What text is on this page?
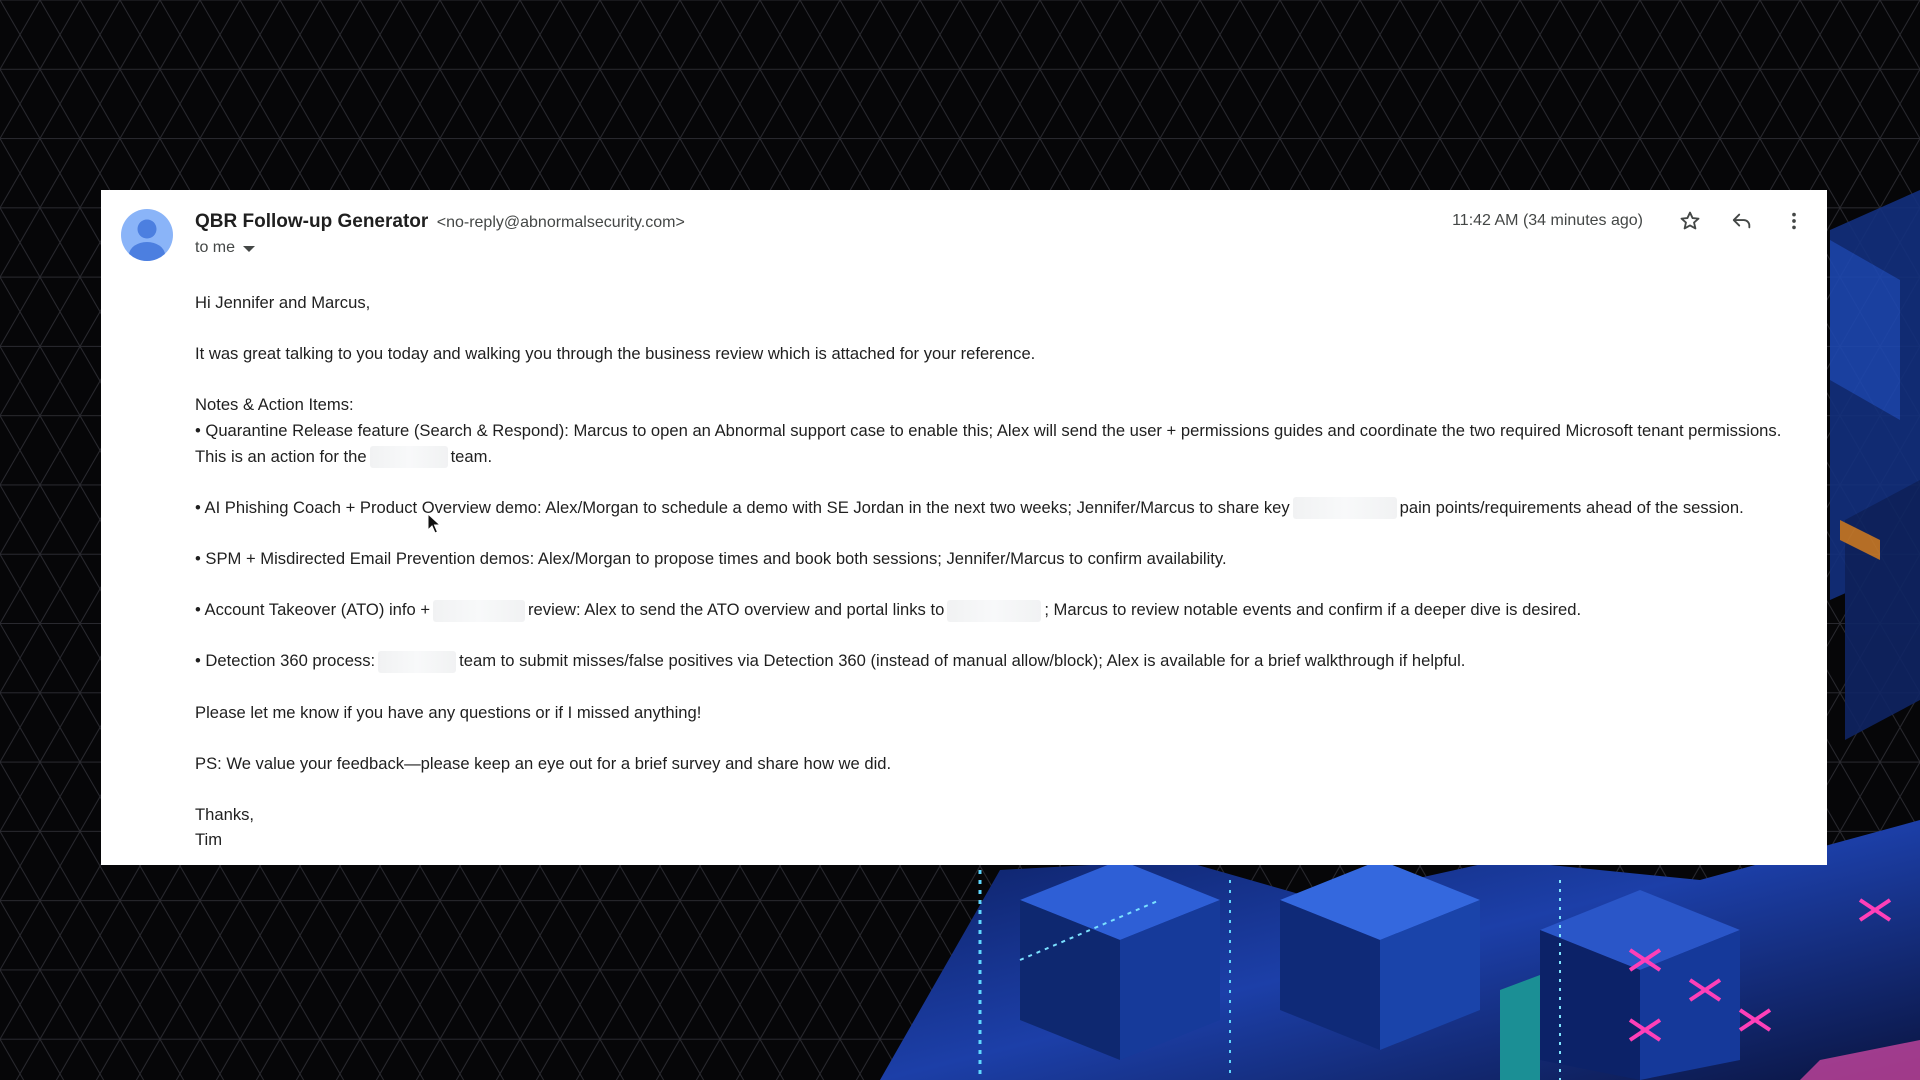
QBR Follow-up Generator <no-reply@abnormalsecurity.com>
to me
11:42 AM (34 minutes ago)

Hi Jennifer and Marcus,

It was great talking to you today and walking you through the business review which is attached for your reference.

Notes & Action Items:

• Quarantine Release feature (Search & Respond): Marcus to open an Abnormal support case to enable this; Alex will send the user + permissions guides and coordinate the two required Microsoft tenant permissions. This is an action for the	team.

• AI Phishing Coach + Product Overview demo: Alex/Morgan to schedule a demo with SE Jordan in the next two weeks; Jennifer/Marcus to share key	pain points/requirements ahead of the session.

• SPM + Misdirected Email Prevention demos: Alex/Morgan to propose times and book both sessions; Jennifer/Marcus to confirm availability.

• Account Takeover (ATO) info +	review: Alex to send the ATO overview and portal links to	; Marcus to review notable events and confirm if a deeper dive is desired.

• Detection 360 process:	team to submit misses/false positives via Detection 360 (instead of manual allow/block); Alex is available for a brief walkthrough if helpful.

Please let me know if you have any questions or if I missed anything!

PS: We value your feedback—please keep an eye out for a brief survey and share how we did.

Thanks,

Tim
